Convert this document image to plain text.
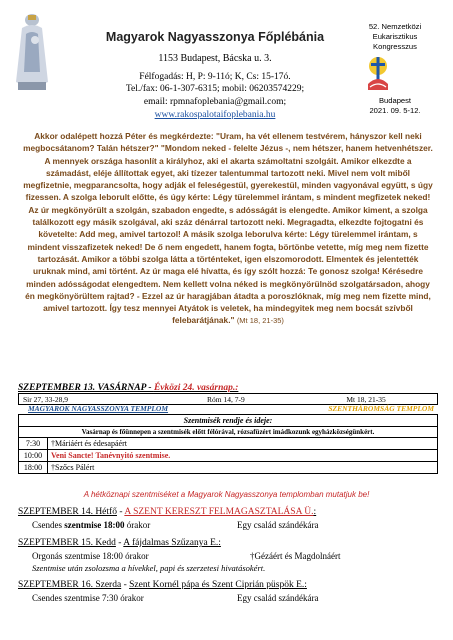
Magyarok Nagyasszonya Főplébánia
1153 Budapest, Bácska u. 3.
Félfogadás: H, P: 9-11ó; K, Cs: 15-17ó.
Tel./fax: 06-1-307-6315; mobil: 06203574229;
email: rpmnafoplebania@gmail.com;
www.rakospalotaifoplebania.hu
52. Nemzetközi
Eukarisztikus
Kongresszus
Budapest
2021. 09. 5-12.
Akkor odalépett hozzá Péter és megkérdezte: "Uram, ha vét ellenem testvérem, hányszor kell neki megbocsátanom? Talán hétszer?" "Mondom neked - felelte Jézus -, nem hétszer, hanem hetvenhétszer. A mennyek országa hasonlít a királyhoz, aki el akarta számoltatni szolgáit. Amikor elkezdte a számadást, eléje állítottak egyet, aki tízezer talentummal tartozott neki. Mivel nem volt miből megfizetnie, megparancsolta, hogy adják el feleségestül, gyerekestül, minden vagyonával együtt, s úgy fizessen. A szolga leborult előtte, és úgy kérte: Légy türelemmel irántam, s mindent megfizetek neked! Az úr megkönyörült a szolgán, szabadon engedte, s adósságát is elengedte. Amikor kiment, a szolga találkozott egy másik szolgával, aki száz dénárral tartozott neki. Megragadta, elkezdte fojtogatni és követelte: Add meg, amivel tartozol! A másik szolga leborulva kérte: Légy türelemmel irántam, s mindent visszafizetek neked! De ő nem engedett, hanem fogta, börtönbe vetette, míg meg nem fizette tartozását. Amikor a többi szolga látta a történteket, igen elszomorodott. Elmentek és jelentették uruknak mind, ami történt. Az úr maga elé hívatta, és így szólt hozzá: Te gonosz szolga! Kérésedre minden adósságodat elengedtem. Nem kellett volna néked is megkönyörülnöd szolgatársadon, ahogy én megkönyörültem rajtad? - Ezzel az úr haragjában átadta a poroszlóknak, míg meg nem fizette mind, amivel tartozott. Így tesz mennyei Atyátok is veletek, ha mindegyitek meg nem bocsát szívből felebarátjának." (Mt 18, 21-35)
SZEPTEMBER 13. VASÁRNAP - Évközi 24. vasárnap.:
Sir 27, 33-28,9	Róm 14, 7-9	Mt 18, 21-35
MAGYAROK NAGYASSZONYA TEMPLOM	SZENTHÁROMSÁG TEMPLOM
Szentmisék rendje és ideje:	
Vasárnap és főünnepen a szentmisék előtt félórával, rózsafüzért imádkozunk egyházközségünkért.	
7:30	†Máriáért és édesapáért
10:00	Veni Sancte! Tanévnyitó szentmise.
18:00	†Szőcs Pálért
A hétköznapi szentmiséket a Magyarok Nagyasszonya templomban mutatjuk be!
SZEPTEMBER 14. Hétfő - A SZENT KERESZT FELMAGASZTALÁSA Ü.:
Csendes szentmise 18:00 órakor	Egy család szándékára
SZEPTEMBER 15. Kedd - A fájdalmas Szűzanya E.:
Orgonás szentmise 18:00 órakor	†Gézáért és Magdolnáért
Szentmise után zsolozsma a hívekkel, papi és szerzetesi hivatásokért.
SZEPTEMBER 16. Szerda - Szent Kornél pápa és Szent Ciprián püspök E.:
Csendes szentmise 7:30 órakor	Egy család szándékára
